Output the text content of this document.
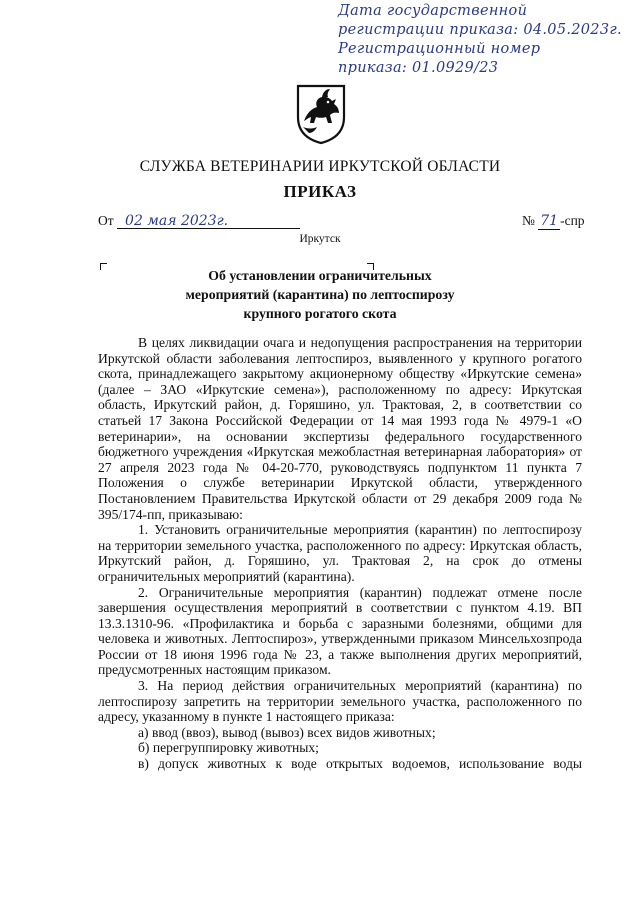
Дата государственной
регистрации приказа: 04.05.2023г.
Регистрационный номер
приказа: 01.0929/23
СЛУЖБА ВЕТЕРИНАРИИ ИРКУТСКОЙ ОБЛАСТИ
ПРИКАЗ
От 02 мая 2023г.	№ 71 -спр
Иркутск
Об установлении ограничительных
мероприятий (карантина) по лептоспирозу
крупного рогатого скота

В целях ликвидации очага и недопущения распространения на территории Иркутской области заболевания лептоспироз, выявленного у крупного рогатого скота, принадлежащего закрытому акционерному обществу «Иркутские семена» (далее – ЗАО «Иркутские семена»), расположенному по адресу: Иркутская область, Иркутский район, д. Горяшино, ул. Трактовая, 2, в соответствии со статьей 17 Закона Российской Федерации от 14 мая 1993 года № 4979-1 «О ветеринарии», на основании экспертизы федерального государственного бюджетного учреждения «Иркутская межобластная ветеринарная лаборатория» от 27 апреля 2023 года № 04-20-770, руководствуясь подпунктом 11 пункта 7 Положения о службе ветеринарии Иркутской области, утвержденного Постановлением Правительства Иркутской области от 29 декабря 2009 года № 395/174-пп, приказываю:

1. Установить ограничительные мероприятия (карантин) по лептоспирозу на территории земельного участка, расположенного по адресу: Иркутская область, Иркутский район, д. Горяшино, ул. Трактовая 2, на срок до отмены ограничительных мероприятий (карантина).

2. Ограничительные мероприятия (карантин) подлежат отмене после завершения осуществления мероприятий в соответствии с пунктом 4.19. ВП 13.3.1310-96. «Профилактика и борьба с заразными болезнями, общими для человека и животных. Лептоспироз», утвержденными приказом Минсельхозпрода России от 18 июня 1996 года № 23, а также выполнения других мероприятий, предусмотренных настоящим приказом.

3. На период действия ограничительных мероприятий (карантина) по лептоспирозу запретить на территории земельного участка, расположенного по адресу, указанному в пункте 1 настоящего приказа:

а) ввод (ввоз), вывод (вывоз) всех видов животных;

б) перегруппировку животных;

в) допуск животных к воде открытых водоемов, использование воды
